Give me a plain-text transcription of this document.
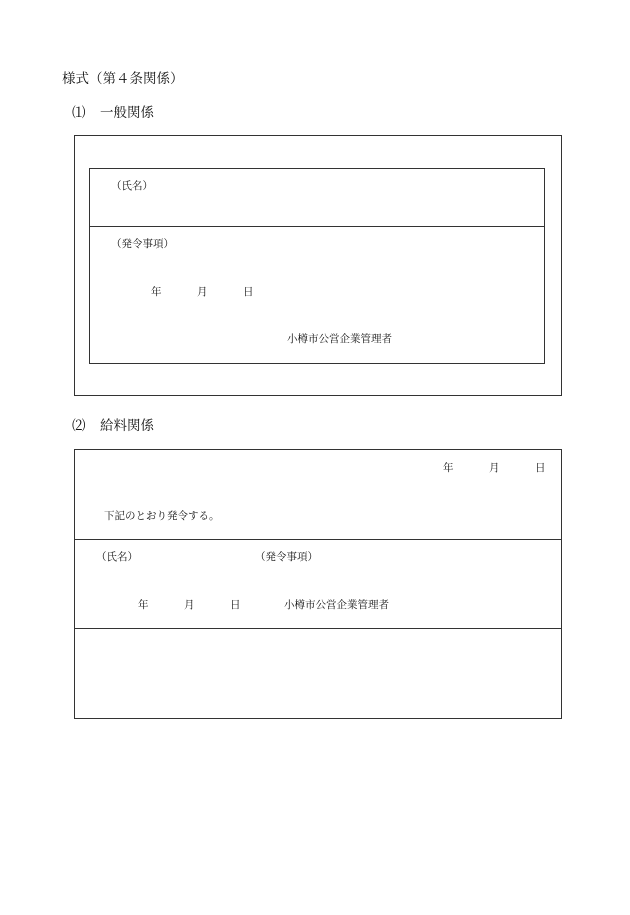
様式（第４条関係）
⑴ 一般関係
（氏名）
（発令事項）
年	月	日
小樽市公営企業管理者
⑵ 給料関係
年	月	日
下記のとおり発令する。
（氏名）	（発令事項）
年	月	日	小樽市公営企業管理者
